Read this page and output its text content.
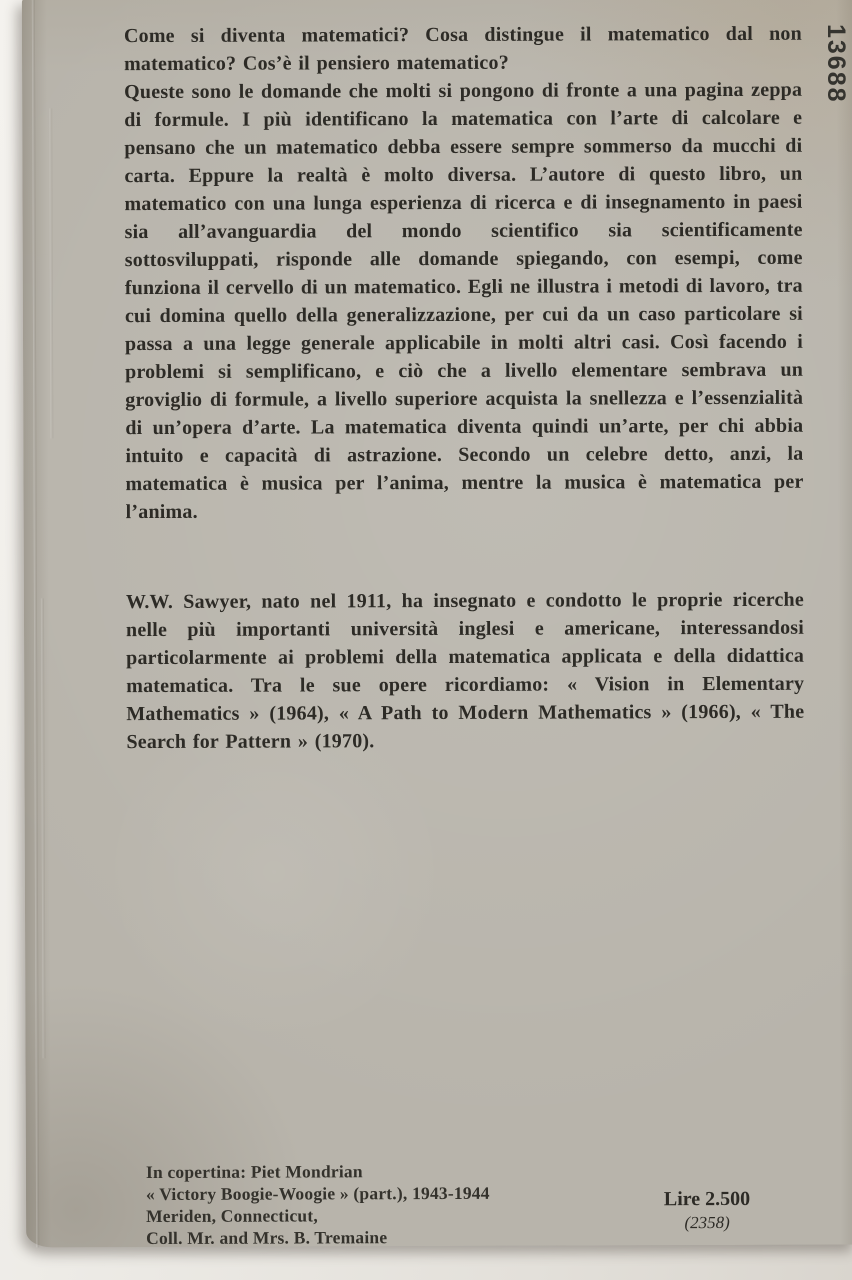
Come si diventa matematici? Cosa distingue il matematico dal non matematico? Cos’è il pensiero matematico?

Queste sono le domande che molti si pongono di fronte a una pagina zeppa di formule. I più identificano la matematica con l’arte di calcolare e pensano che un matematico debba essere sempre sommerso da mucchi di carta. Eppure la realtà è molto diversa. L’autore di questo libro, un matematico con una lunga esperienza di ricerca e di insegnamento in paesi sia all’avanguardia del mondo scientifico sia scientificamente sottosviluppati, risponde alle domande spiegando, con esempi, come funziona il cervello di un matematico. Egli ne illustra i metodi di lavoro, tra cui domina quello della generalizzazione, per cui da un caso particolare si passa a una legge generale applicabile in molti altri casi. Così facendo i problemi si semplificano, e ciò che a livello elementare sembrava un groviglio di formule, a livello superiore acquista la snellezza e l’essenzialità di un’opera d’arte. La matematica diventa quindi un’arte, per chi abbia intuito e capacità di astrazione. Secondo un celebre detto, anzi, la matematica è musica per l’anima, mentre la musica è matematica per l’anima.

W.W. Sawyer, nato nel 1911, ha insegnato e condotto le proprie ricerche nelle più importanti università inglesi e americane, interessandosi particolarmente ai problemi della matematica applicata e della didattica matematica. Tra le sue opere ricordiamo: « Vision in Elementary Mathematics » (1964), « A Path to Modern Mathematics » (1966), « The Search for Pattern » (1970).
In copertina: Piet Mondrian
« Victory Boogie-Woogie » (part.), 1943-1944
Meriden, Connecticut,
Coll. Mr. and Mrs. B. Tremaine
Lire 2.500
(2358)
13688
